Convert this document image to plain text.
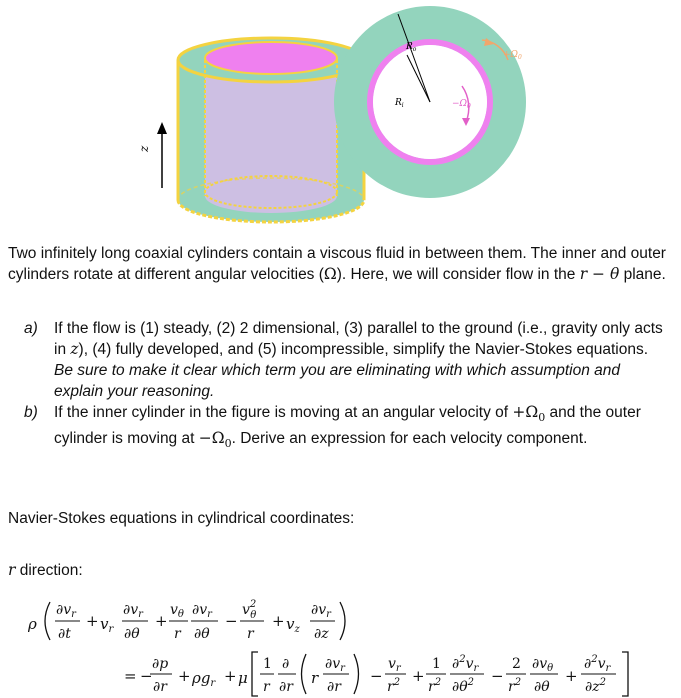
z
$R_o$
$R_i$	$-\Omega_0$
$+\Omega_0$
Two infinitely long coaxial cylinders contain a viscous fluid in between them. The inner and outer cylinders rotate at different angular velocities (Ω). Here, we will consider flow in the r − θ plane.
a) If the flow is (1) steady, (2) 2 dimensional, (3) parallel to the ground (i.e., gravity only acts in z), (4) fully developed, and (5) incompressible, simplify the Navier-Stokes equations. Be sure to make it clear which term you are eliminating with which assumption and explain your reasoning.
b) If the inner cylinder in the figure is moving at an angular velocity of $+\Omega_0$ and the outer cylinder is moving at $-\Omega_0$. Derive an expression for each velocity component.
Navier-Stokes equations in cylindrical coordinates:
r direction:
ρ
$\partial v_r$
∂t
+ $v_r$
$\partial v_r$
∂θ
+
$v_\theta$
r
$\partial v_r$
∂θ
−
$v^2$ θ
r
+ $v_z$
$\partial v_r$
∂z
= −
∂p
∂r
+ $\rho g_r + \mu$
1
r
∂
∂r r
$\partial v_r$
∂r
−
$v_r$
$r^2$ +
1
$r^2$
$\partial^2v_r$
$\partial\theta^2$ −
2
$r^2$
$\partial v_\theta$
∂θ
+
$\partial^2v_r$
$\partial z^2$
